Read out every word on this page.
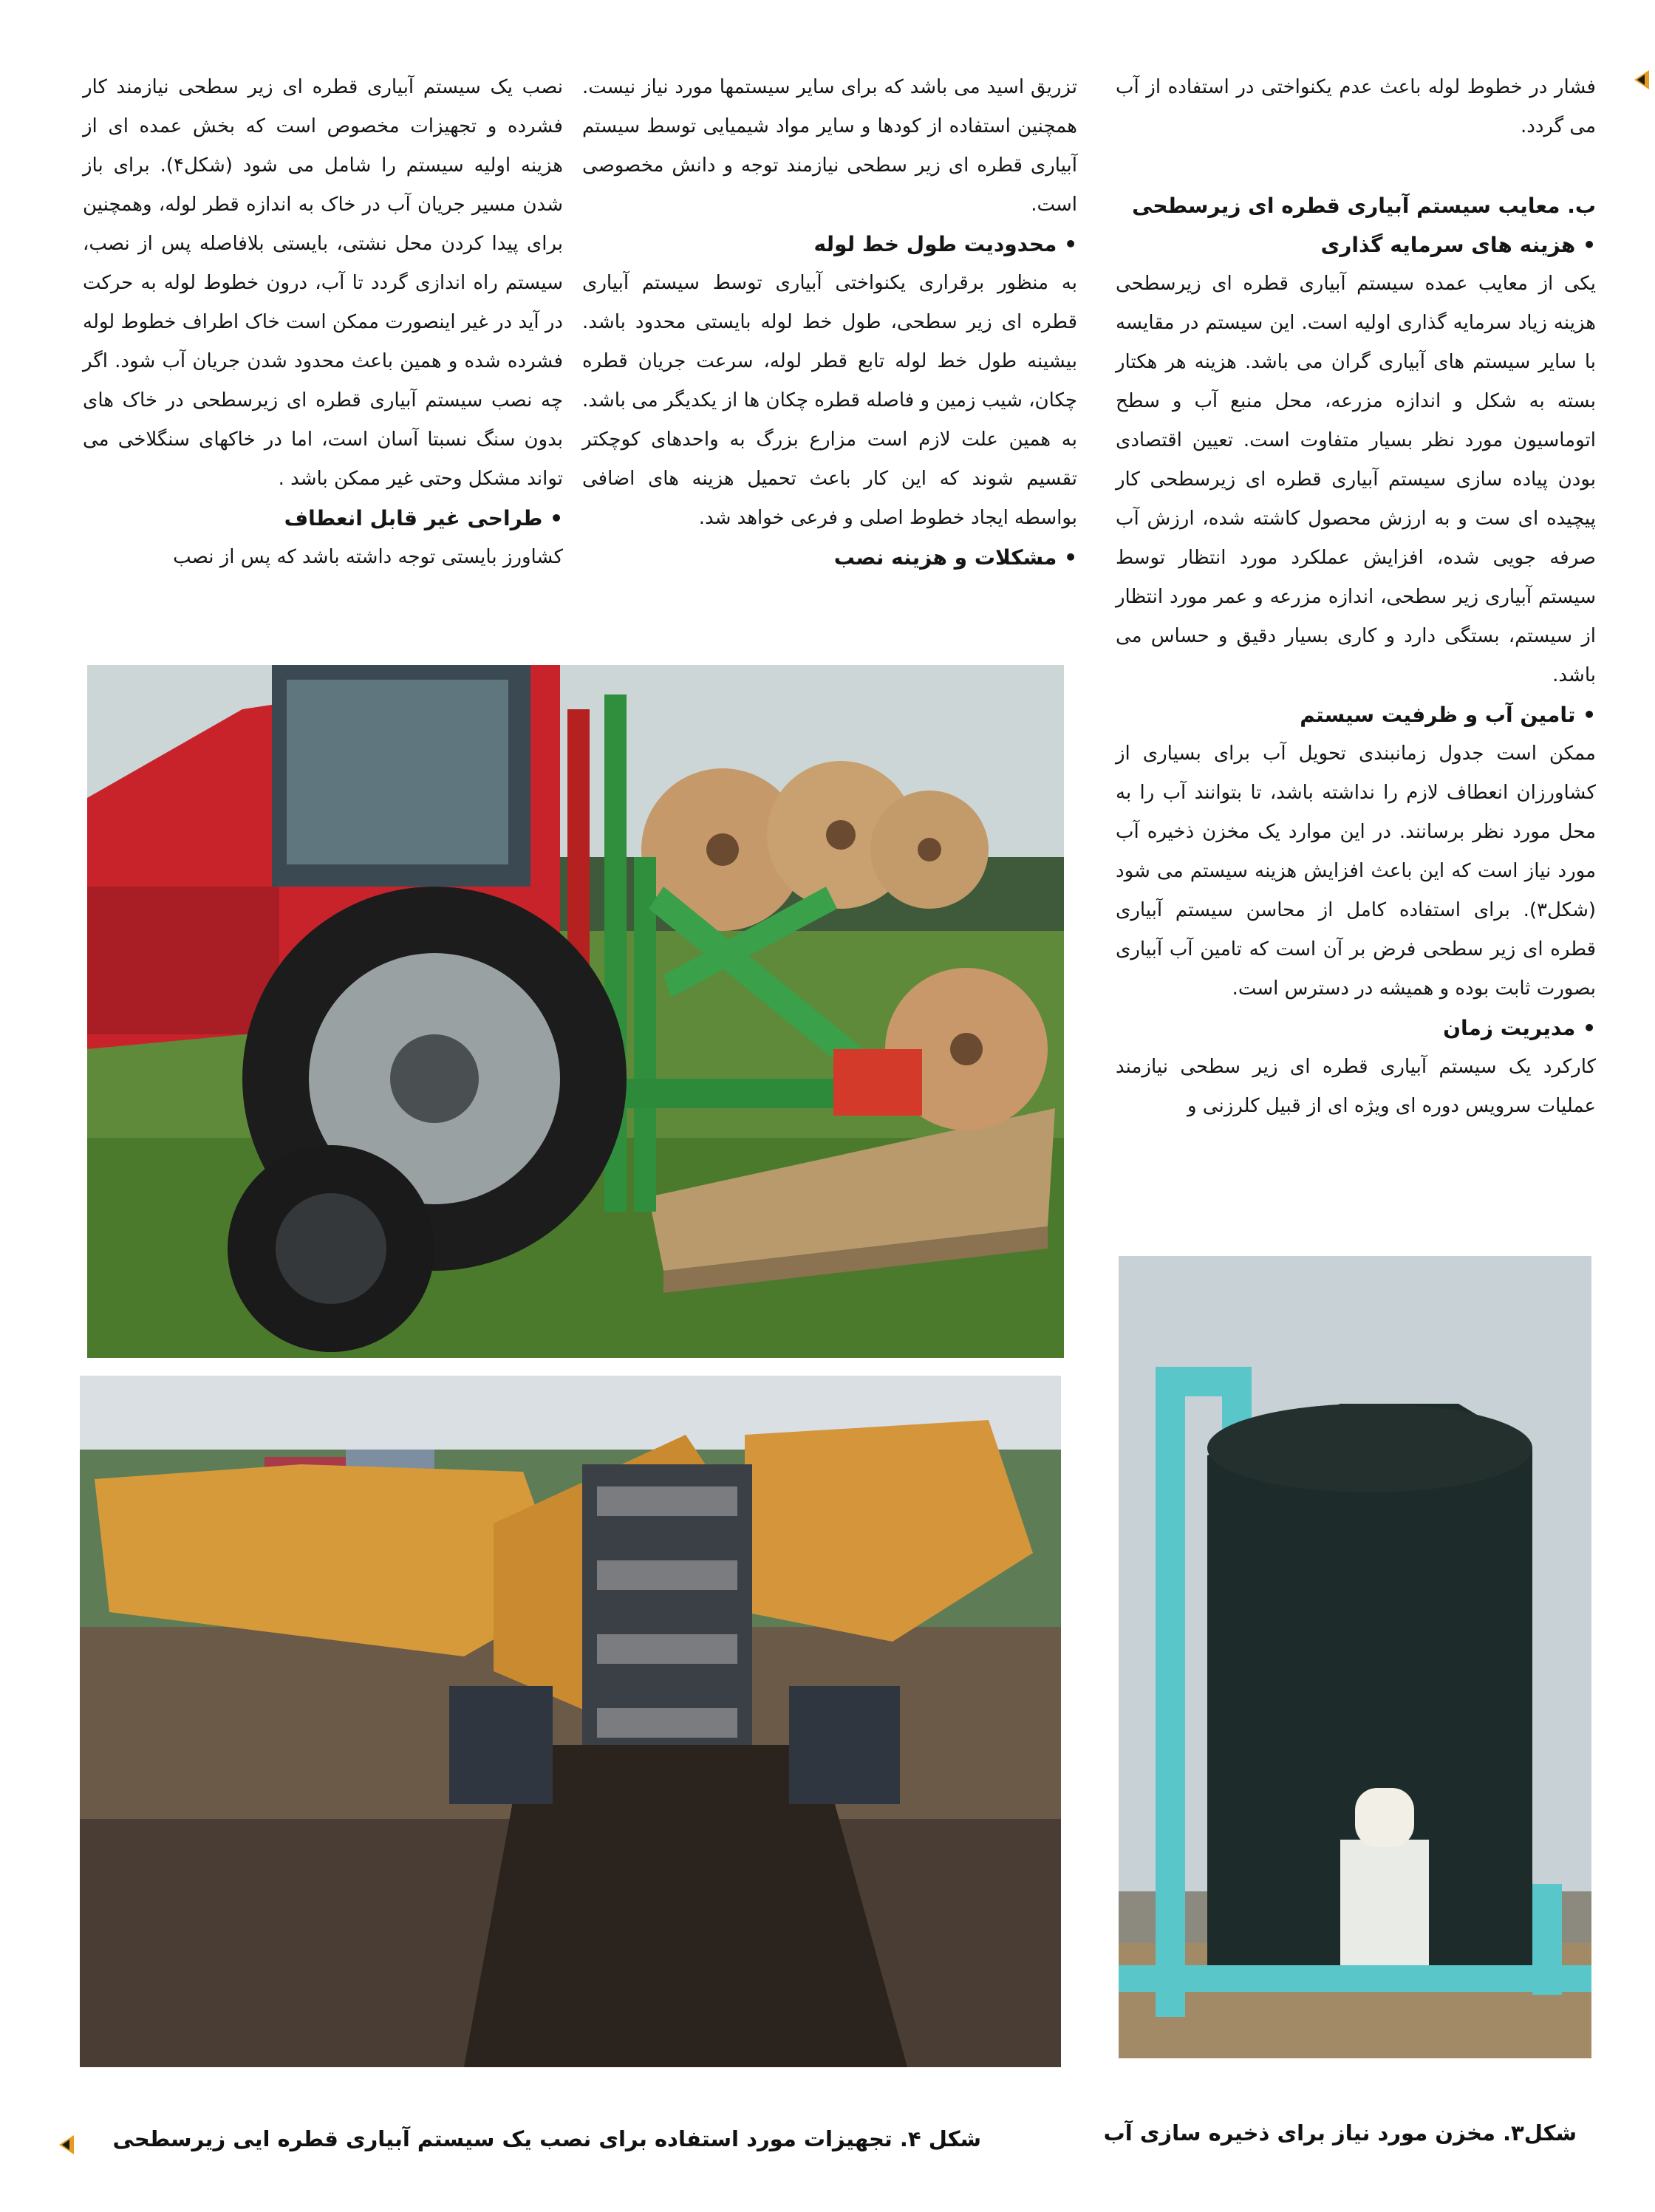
فشار در خطوط لوله باعث عدم یکنواختی در استفاده از آب می گردد.

ب. معایب سیستم آبیاری قطره ای زیرسطحی

• هزینه های سرمایه گذاری

یکی از معایب عمده سیستم آبیاری قطره ای زیرسطحی هزینه زیاد سرمایه گذاری اولیه است. این سیستم در مقایسه با سایر سیستم های آبیاری گران می باشد. هزینه هر هکتار بسته به شکل و اندازه مزرعه، محل منبع آب و سطح اتوماسیون مورد نظر بسیار متفاوت است. تعیین اقتصادی بودن پیاده سازی سیستم آبیاری قطره ای زیرسطحی کار پیچیده ای ست و به ارزش محصول کاشته شده، ارزش آب صرفه جویی شده، افزایش عملکرد مورد انتظار توسط سیستم آبیاری زیر سطحی، اندازه مزرعه و عمر مورد انتظار از سیستم، بستگی دارد و کاری بسیار دقیق و حساس می باشد.

• تامین آب و ظرفیت سیستم

ممکن است جدول زمانبندی تحویل آب برای بسیاری از کشاورزان انعطاف لازم را نداشته باشد، تا بتوانند آب را به محل مورد نظر برسانند. در این موارد یک مخزن ذخیره آب مورد نیاز است که این باعث افزایش هزینه سیستم می شود (شکل۳). برای استفاده کامل از محاسن سیستم آبیاری قطره ای زیر سطحی فرض بر آن است که تامین آب آبیاری بصورت ثابت بوده و همیشه در دسترس است.

• مدیریت زمان

کارکرد یک سیستم آبیاری قطره ای زیر سطحی نیازمند عملیات سرویس دوره ای ویژه ای از قبیل کلرزنی و

تزریق اسید می باشد که برای سایر سیستمها مورد نیاز نیست. همچنین استفاده از کودها و سایر مواد شیمیایی توسط سیستم آبیاری قطره ای زیر سطحی نیازمند توجه و دانش مخصوصی است.

• محدودیت طول خط لوله

به منظور برقراری یکنواختی آبیاری توسط سیستم آبیاری قطره ای زیر سطحی، طول خط لوله بایستی محدود باشد. بیشینه طول خط لوله تابع قطر لوله، سرعت جریان قطره چکان، شیب زمین و فاصله قطره چکان ها از یکدیگر می باشد. به همین علت لازم است مزارع بزرگ به واحدهای کوچکتر تقسیم شوند که این کار باعث تحمیل هزینه های اضافی بواسطه ایجاد خطوط اصلی و فرعی خواهد شد.

• مشکلات و هزینه نصب

نصب یک سیستم آبیاری قطره ای زیر سطحی نیازمند کار فشرده و تجهیزات مخصوص است که بخش عمده ای از هزینه اولیه سیستم را شامل می شود (شکل۴). برای باز شدن مسیر جریان آب در خاک به اندازه قطر لوله، وهمچنین برای پیدا کردن محل نشتی، بایستی بلافاصله پس از نصب، سیستم راه اندازی گردد تا آب، درون خطوط لوله به حرکت در آید در غیر اینصورت ممکن است خاک اطراف خطوط لوله فشرده شده و همین باعث محدود شدن جریان آب شود. اگر چه نصب سیستم آبیاری قطره ای زیرسطحی در خاک های بدون سنگ نسبتا آسان است، اما در خاکهای سنگلاخی می تواند مشکل وحتی غیر ممکن باشد .

• طراحی غیر قابل انعطاف

کشاورز بایستی توجه داشته باشد که پس از نصب

شکل۳. مخزن مورد نیاز برای ذخیره سازی آب
شکل ۴. تجهیزات مورد استفاده برای نصب یک سیستم آبیاری قطره ایی زیرسطحی
